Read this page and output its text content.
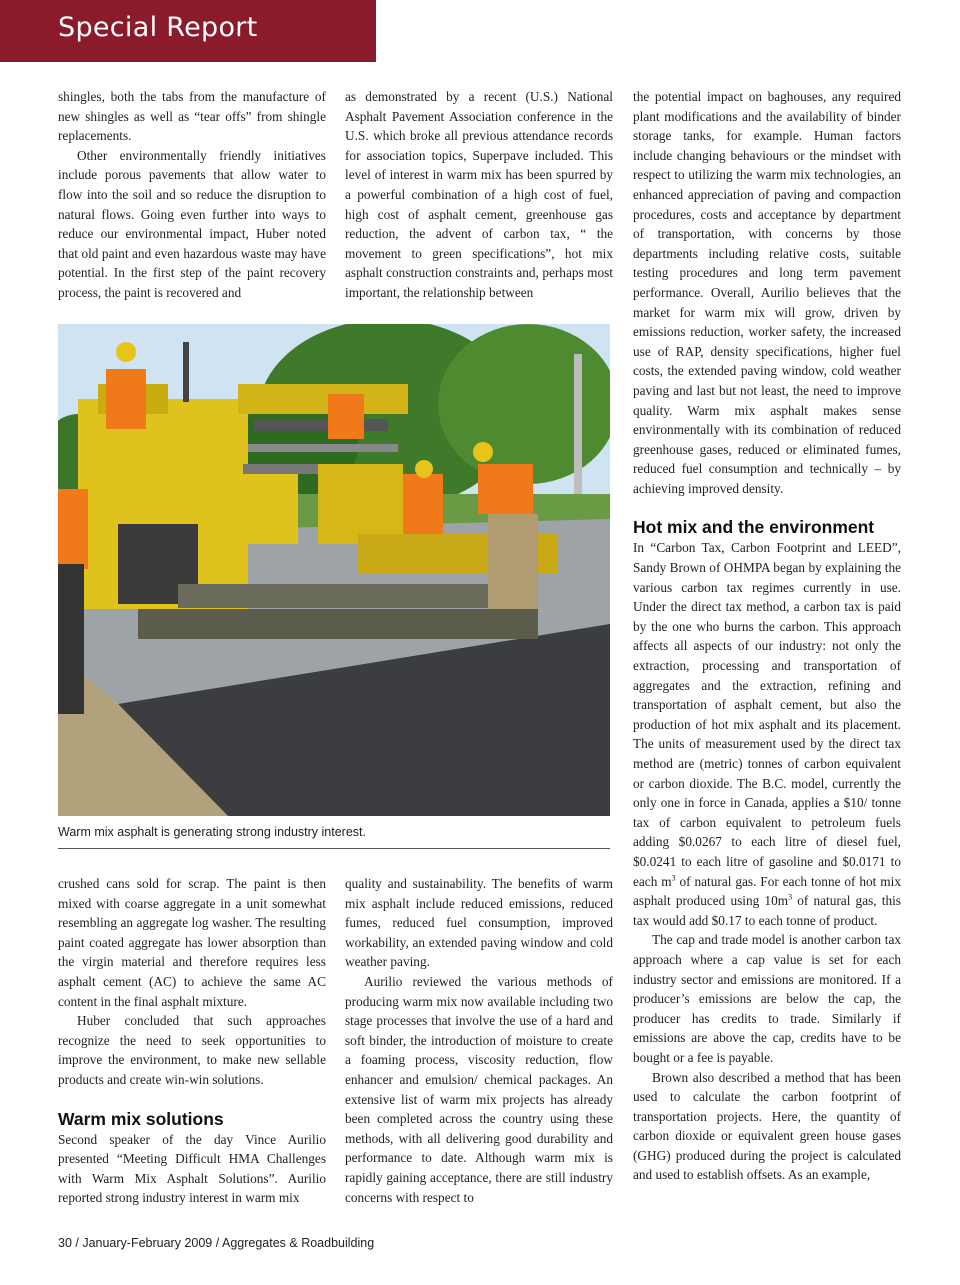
Special Report

shingles, both the tabs from the manufacture of new shingles as well as “tear offs” from shingle replacements.

Other environmentally friendly initiatives include porous pavements that allow water to flow into the soil and so reduce the disruption to natural flows. Going even further into ways to reduce our environmental impact, Huber noted that old paint and even hazardous waste may have potential. In the first step of the paint recovery process, the paint is recovered and

as demonstrated by a recent (U.S.) National Asphalt Pavement Association conference in the U.S. which broke all previous attendance records for association topics, Superpave included. This level of interest in warm mix has been spurred by a powerful combination of a high cost of fuel, high cost of asphalt cement, greenhouse gas reduction, the advent of carbon tax, “ the movement to green specifications”, hot mix asphalt construction constraints and, perhaps most important, the relationship between

the potential impact on baghouses, any required plant modifications and the availability of binder storage tanks, for example. Human factors include changing behaviours or the mindset with respect to utilizing the warm mix technologies, an enhanced appreciation of paving and compaction procedures, costs and acceptance by department of transportation, with concerns by those departments including relative costs, suitable testing procedures and long term pavement performance. Overall, Aurilio believes that the market for warm mix will grow, driven by emissions reduction, worker safety, the increased use of RAP, density specifications, higher fuel costs, the extended paving window, cold weather paving and last but not least, the need to improve quality. Warm mix asphalt makes sense environmentally with its combination of reduced greenhouse gases, reduced or eliminated fumes, reduced fuel consumption and technically – by achieving improved density.

Hot mix and the environment

In “Carbon Tax, Carbon Footprint and LEED”, Sandy Brown of OHMPA began by explaining the various carbon tax regimes currently in use. Under the direct tax method, a carbon tax is paid by the one who burns the carbon. This approach affects all aspects of our industry: not only the extraction, processing and transportation of aggregates and the extraction, refining and transportation of asphalt cement, but also the production of hot mix asphalt and its placement. The units of measurement used by the direct tax method are (metric) tonnes of carbon equivalent or carbon dioxide. The B.C. model, currently the only one in force in Canada, applies a $10/ tonne tax of carbon equivalent to petroleum fuels adding $0.0267 to each litre of diesel fuel, $0.0241 to each litre of gasoline and $0.0171 to each $m^3$ of natural gas. For each tonne of hot mix asphalt produced using $10m^3$ of natural gas, this tax would add $0.17 to each tonne of product.

The cap and trade model is another carbon tax approach where a cap value is set for each industry sector and emissions are monitored. If a producer’s emissions are below the cap, the producer has credits to trade. Similarly if emissions are above the cap, credits have to be bought or a fee is payable.

Brown also described a method that has been used to calculate the carbon footprint of transportation projects. Here, the quantity of carbon dioxide or equivalent green house gases (GHG) produced during the project is calculated and used to establish offsets. As an example,

Warm mix asphalt is generating strong industry interest.

crushed cans sold for scrap. The paint is then mixed with coarse aggregate in a unit somewhat resembling an aggregate log washer. The resulting paint coated aggregate has lower absorption than the virgin material and therefore requires less asphalt cement (AC) to achieve the same AC content in the final asphalt mixture.

Huber concluded that such approaches recognize the need to seek opportunities to improve the environment, to make new sellable products and create win-win solutions.

Warm mix solutions

Second speaker of the day Vince Aurilio presented “Meeting Difficult HMA Challenges with Warm Mix Asphalt Solutions”. Aurilio reported strong industry interest in warm mix

quality and sustainability. The benefits of warm mix asphalt include reduced emissions, reduced fumes, reduced fuel consumption, improved workability, an extended paving window and cold weather paving.

Aurilio reviewed the various methods of producing warm mix now available including two stage processes that involve the use of a hard and soft binder, the introduction of moisture to create a foaming process, viscosity reduction, flow enhancer and emulsion/ chemical packages. An extensive list of warm mix projects has already been completed across the country using these methods, with all delivering good durability and performance to date. Although warm mix is rapidly gaining acceptance, there are still industry concerns with respect to

30 / January-February 2009 / Aggregates & Roadbuilding
